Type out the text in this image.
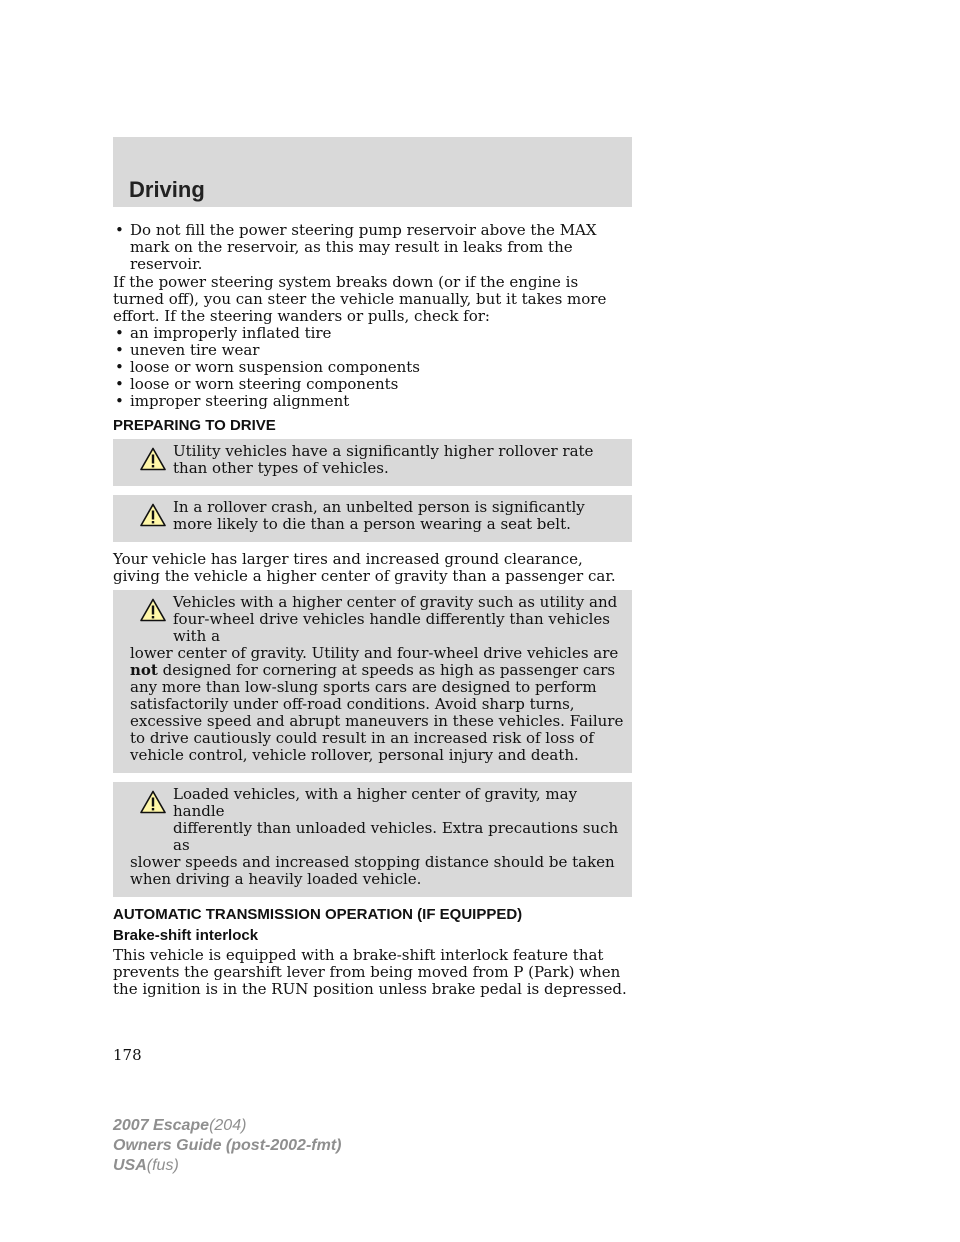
Driving
• Do not fill the power steering pump reservoir above the MAX mark on the reservoir, as this may result in leaks from the reservoir.

If the power steering system breaks down (or if the engine is turned off), you can steer the vehicle manually, but it takes more effort. If the steering wanders or pulls, check for:

• an improperly inflated tire
• uneven tire wear
• loose or worn suspension components
• loose or worn steering components
• improper steering alignment
PREPARING TO DRIVE
Utility vehicles have a significantly higher rollover rate than other types of vehicles.
In a rollover crash, an unbelted person is significantly more likely to die than a person wearing a seat belt.

Your vehicle has larger tires and increased ground clearance, giving the vehicle a higher center of gravity than a passenger car.

Vehicles with a higher center of gravity such as utility and
four-wheel drive vehicles handle differently than vehicles with a
lower center of gravity. Utility and four-wheel drive vehicles are not designed for cornering at speeds as high as passenger cars any more than low-slung sports cars are designed to perform satisfactorily under off-road conditions. Avoid sharp turns, excessive speed and abrupt maneuvers in these vehicles. Failure to drive cautiously could result in an increased risk of loss of vehicle control, vehicle rollover, personal injury and death.
Loaded vehicles, with a higher center of gravity, may handle
differently than unloaded vehicles. Extra precautions such as
slower speeds and increased stopping distance should be taken when driving a heavily loaded vehicle.
AUTOMATIC TRANSMISSION OPERATION (IF EQUIPPED)
Brake-shift interlock

This vehicle is equipped with a brake-shift interlock feature that prevents the gearshift lever from being moved from P (Park) when the ignition is in the RUN position unless brake pedal is depressed.

178
2007 Escape(204)
Owners Guide (post-2002-fmt)
USA(fus)
